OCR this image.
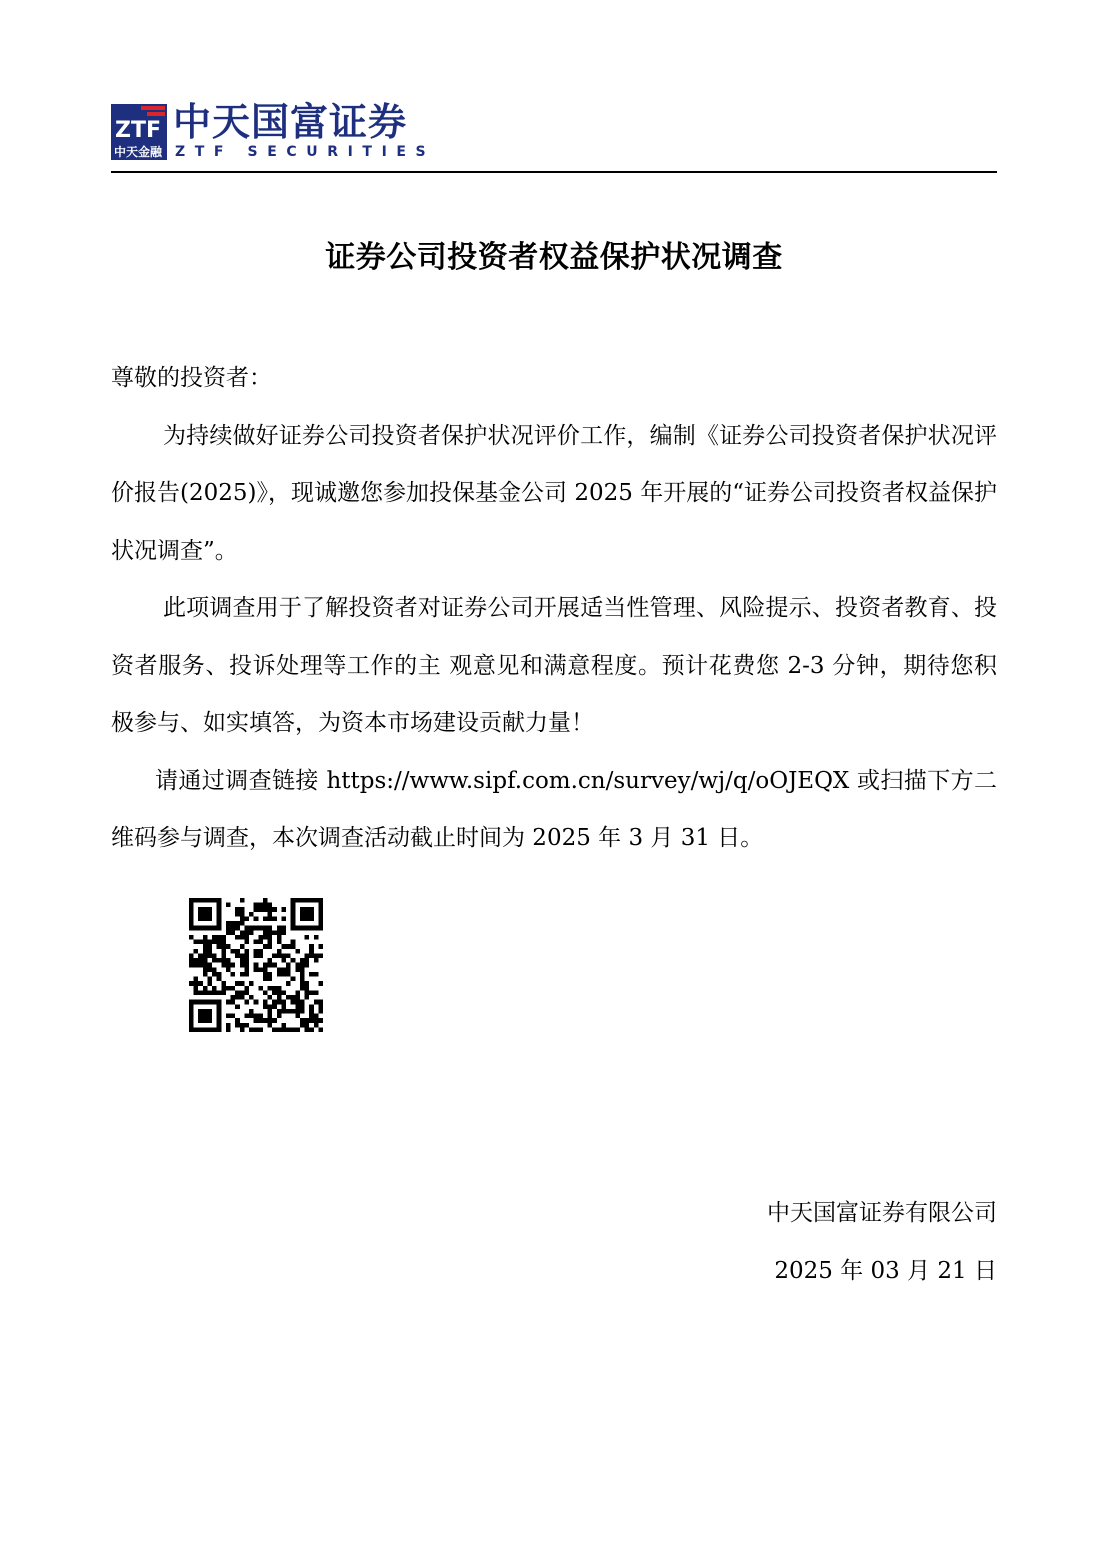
ZTF
中天金融
中天国富证券
ZTF SECURITIES
证券公司投资者权益保护状况调查

尊敬的投资者：

为持续做好证券公司投资者保护状况评价工作，编制《证券公司投资者保护状况评价报告(2025)》，现诚邀您参加投保基金公司 2025 年开展的“证券公司投资者权益保护状况调查”。

此项调查用于了解投资者对证券公司开展适当性管理、风险提示、投资者教育、投资者服务、投诉处理等工作的主 观意见和满意程度。预计花费您 2-3 分钟，期待您积极参与、如实填答，为资本市场建设贡献力量！

请通过调查链接 https://www.sipf.com.cn/survey/wj/q/oOJEQX 或扫描下方二维码参与调查，本次调查活动截止时间为 2025 年 3 月 31 日。

中天国富证券有限公司
2025 年 03 月 21 日
